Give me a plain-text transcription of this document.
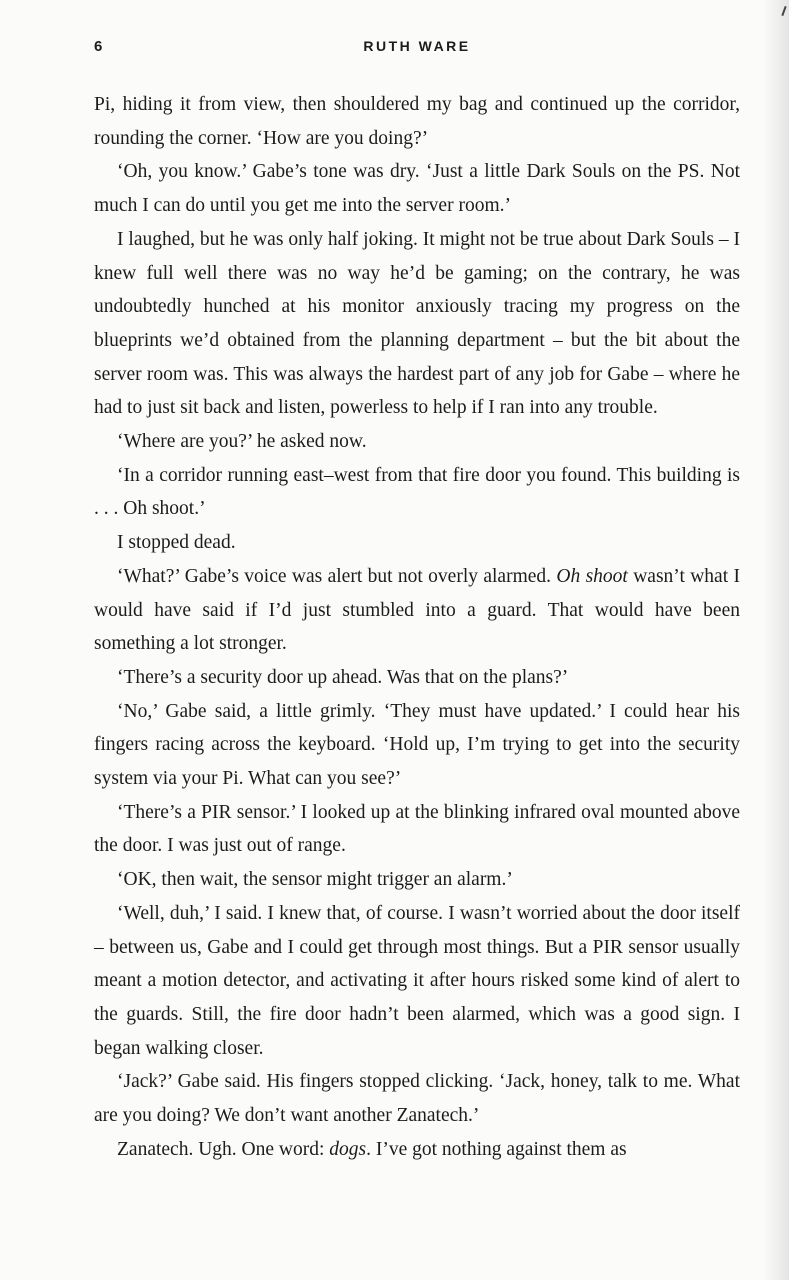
6	RUTH WARE

Pi, hiding it from view, then shouldered my bag and continued up the corridor, rounding the corner. ‘How are you doing?’

‘Oh, you know.’ Gabe’s tone was dry. ‘Just a little Dark Souls on the PS. Not much I can do until you get me into the server room.’

I laughed, but he was only half joking. It might not be true about Dark Souls – I knew full well there was no way he’d be gaming; on the contrary, he was undoubtedly hunched at his monitor anxiously tracing my progress on the blueprints we’d obtained from the planning department – but the bit about the server room was. This was always the hardest part of any job for Gabe – where he had to just sit back and listen, powerless to help if I ran into any trouble.

‘Where are you?’ he asked now.

‘In a corridor running east–west from that fire door you found. This building is . . . Oh shoot.’

I stopped dead.

‘What?’ Gabe’s voice was alert but not overly alarmed. Oh shoot wasn’t what I would have said if I’d just stumbled into a guard. That would have been something a lot stronger.

‘There’s a security door up ahead. Was that on the plans?’

‘No,’ Gabe said, a little grimly. ‘They must have updated.’ I could hear his fingers racing across the keyboard. ‘Hold up, I’m trying to get into the security system via your Pi. What can you see?’

‘There’s a PIR sensor.’ I looked up at the blinking infrared oval mounted above the door. I was just out of range.

‘OK, then wait, the sensor might trigger an alarm.’

‘Well, duh,’ I said. I knew that, of course. I wasn’t worried about the door itself – between us, Gabe and I could get through most things. But a PIR sensor usually meant a motion detector, and activating it after hours risked some kind of alert to the guards. Still, the fire door hadn’t been alarmed, which was a good sign. I began walking closer.

‘Jack?’ Gabe said. His fingers stopped clicking. ‘Jack, honey, talk to me. What are you doing? We don’t want another Zanatech.’

Zanatech. Ugh. One word: dogs. I’ve got nothing against them as
